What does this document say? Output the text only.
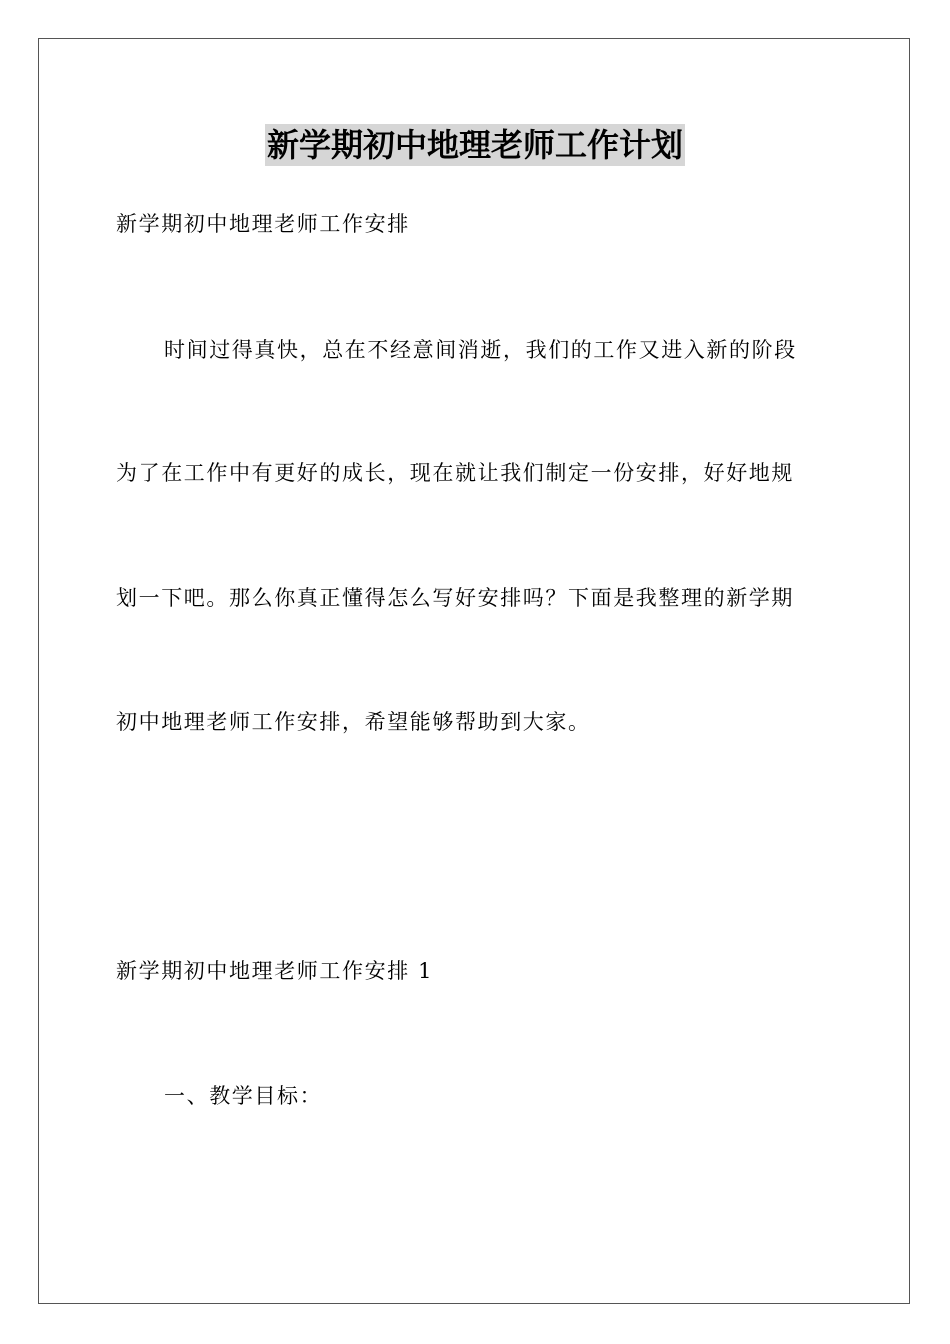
新学期初中地理老师工作计划
新学期初中地理老师工作安排
时间过得真快，总在不经意间消逝，我们的工作又进入新的阶段
为了在工作中有更好的成长，现在就让我们制定一份安排，好好地规
划一下吧。那么你真正懂得怎么写好安排吗？下面是我整理的新学期
初中地理老师工作安排，希望能够帮助到大家。
新学期初中地理老师工作安排 1
一、教学目标：
